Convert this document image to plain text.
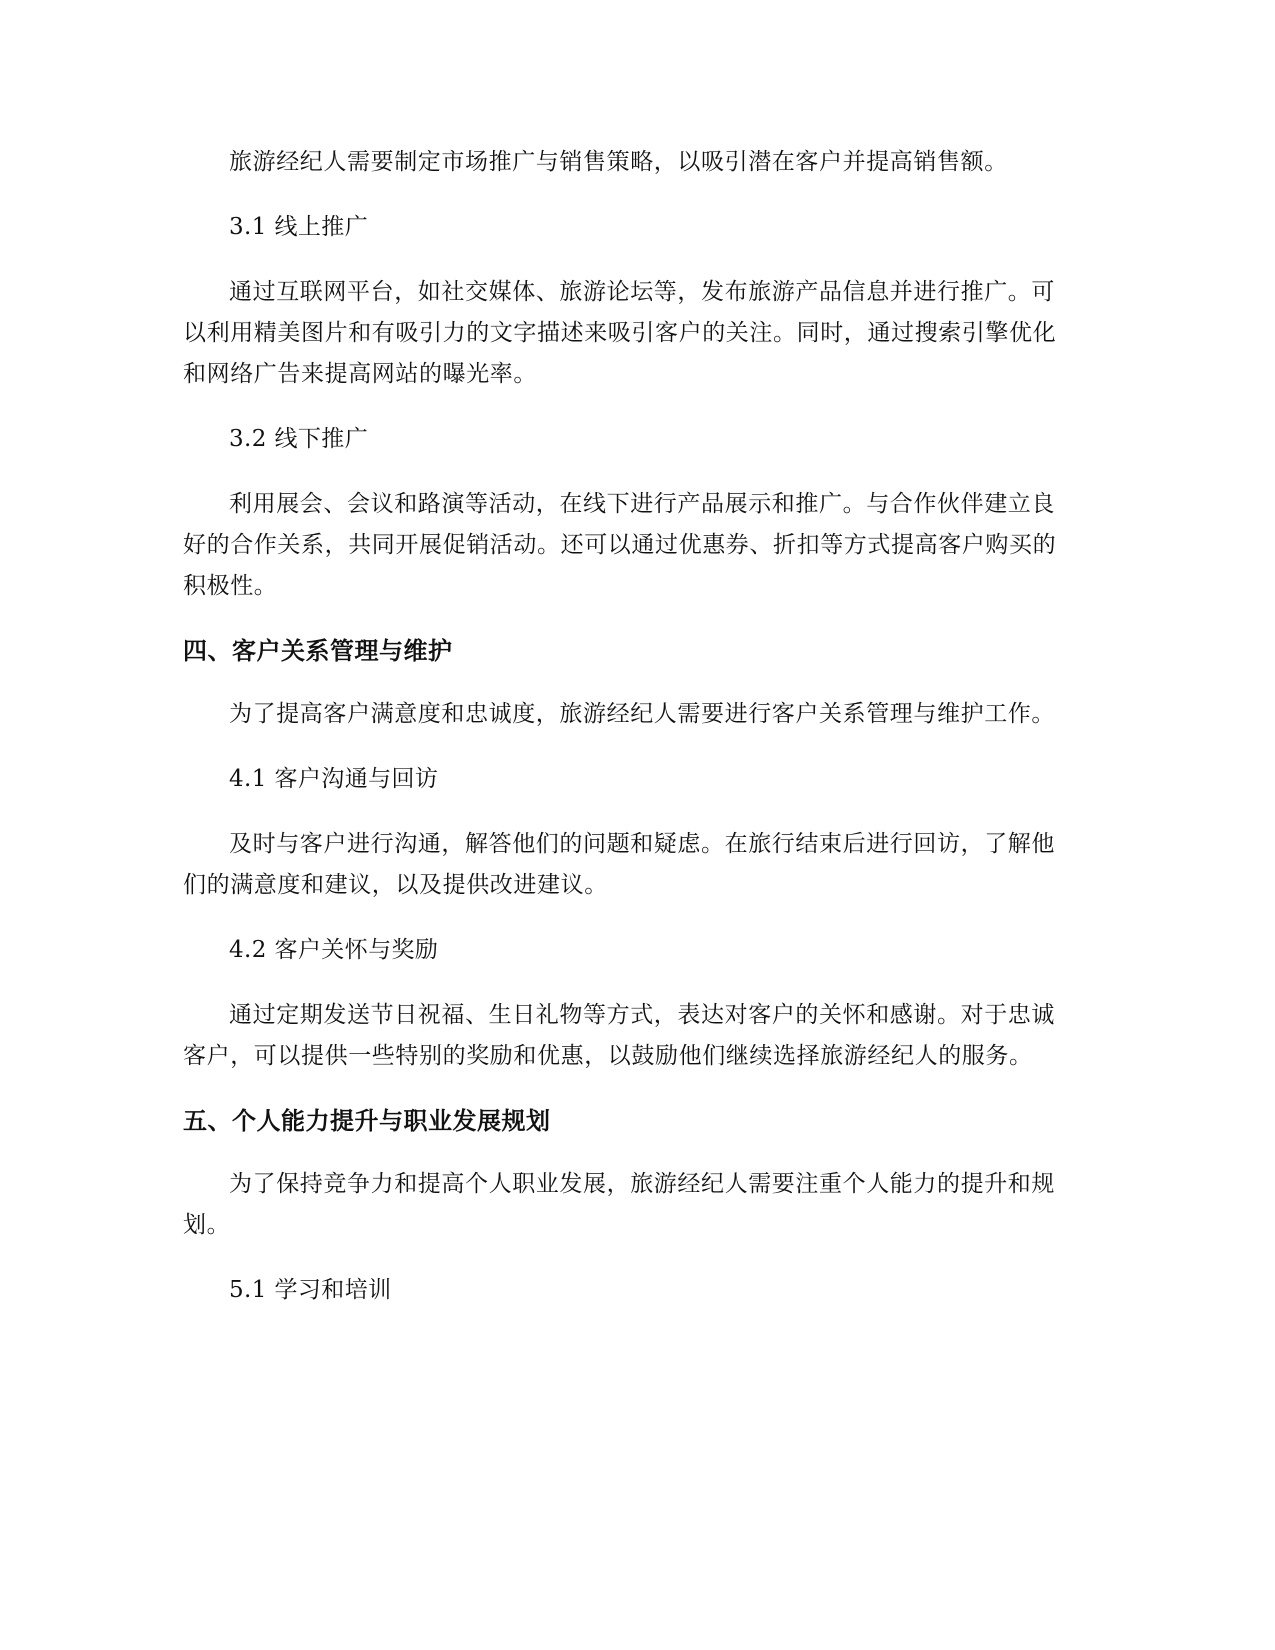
旅游经纪人需要制定市场推广与销售策略，以吸引潜在客户并提高销售额。

3.1 线上推广

通过互联网平台，如社交媒体、旅游论坛等，发布旅游产品信息并进行推广。可以利用精美图片和有吸引力的文字描述来吸引客户的关注。同时，通过搜索引擎优化和网络广告来提高网站的曝光率。

3.2 线下推广

利用展会、会议和路演等活动，在线下进行产品展示和推广。与合作伙伴建立良好的合作关系，共同开展促销活动。还可以通过优惠券、折扣等方式提高客户购买的积极性。

四、客户关系管理与维护

为了提高客户满意度和忠诚度，旅游经纪人需要进行客户关系管理与维护工作。

4.1 客户沟通与回访

及时与客户进行沟通，解答他们的问题和疑虑。在旅行结束后进行回访，了解他们的满意度和建议，以及提供改进建议。

4.2 客户关怀与奖励

通过定期发送节日祝福、生日礼物等方式，表达对客户的关怀和感谢。对于忠诚客户，可以提供一些特别的奖励和优惠，以鼓励他们继续选择旅游经纪人的服务。

五、个人能力提升与职业发展规划

为了保持竞争力和提高个人职业发展，旅游经纪人需要注重个人能力的提升和规划。

5.1 学习和培训
